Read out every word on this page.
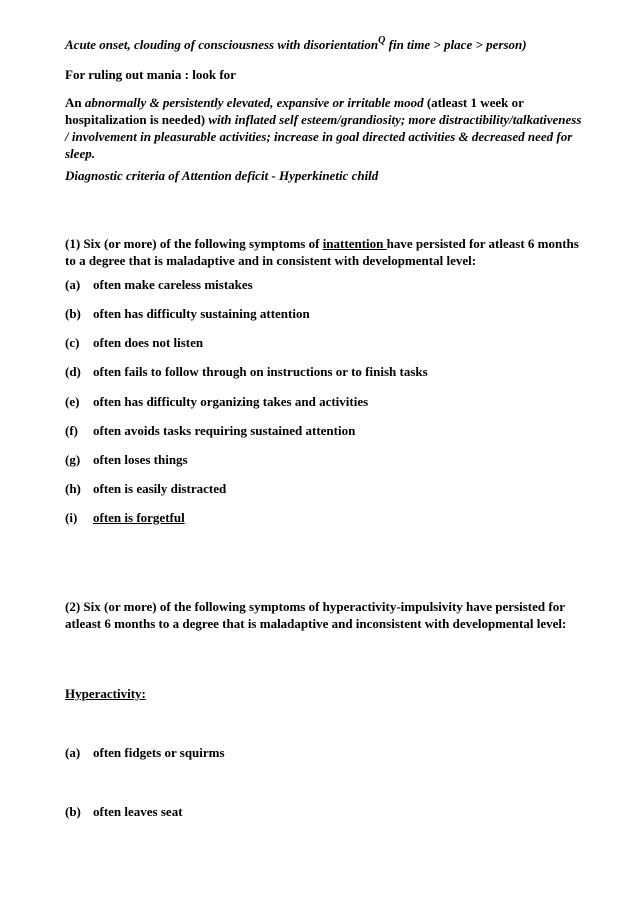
Acute onset, clouding of consciousness with disorientation$^Q$ fin time > place > person)

For ruling out mania : look for

An abnormally & persistently elevated, expansive or irritable mood (atleast 1 week or hospitalization is needed) with inflated self esteem/grandiosity; more distractibility/talkativeness / involvement in pleasurable activities; increase in goal directed activities & decreased need for sleep.

Diagnostic criteria of Attention deficit - Hyperkinetic child

(1) Six (or more) of the following symptoms of inattention have persisted for atleast 6 months to a degree that is maladaptive and in consistent with developmental level:

(a) often make careless mistakes

(b) often has difficulty sustaining attention

(c) often does not listen

(d) often fails to follow through on instructions or to finish tasks

(e) often has difficulty organizing takes and activities

(f) often avoids tasks requiring sustained attention

(g) often loses things

(h) often is easily distracted

(i) often is forgetful

(2) Six (or more) of the following symptoms of hyperactivity-impulsivity have persisted for atleast 6 months to a degree that is maladaptive and inconsistent with developmental level:

Hyperactivity:

(a) often fidgets or squirms

(b) often leaves seat
